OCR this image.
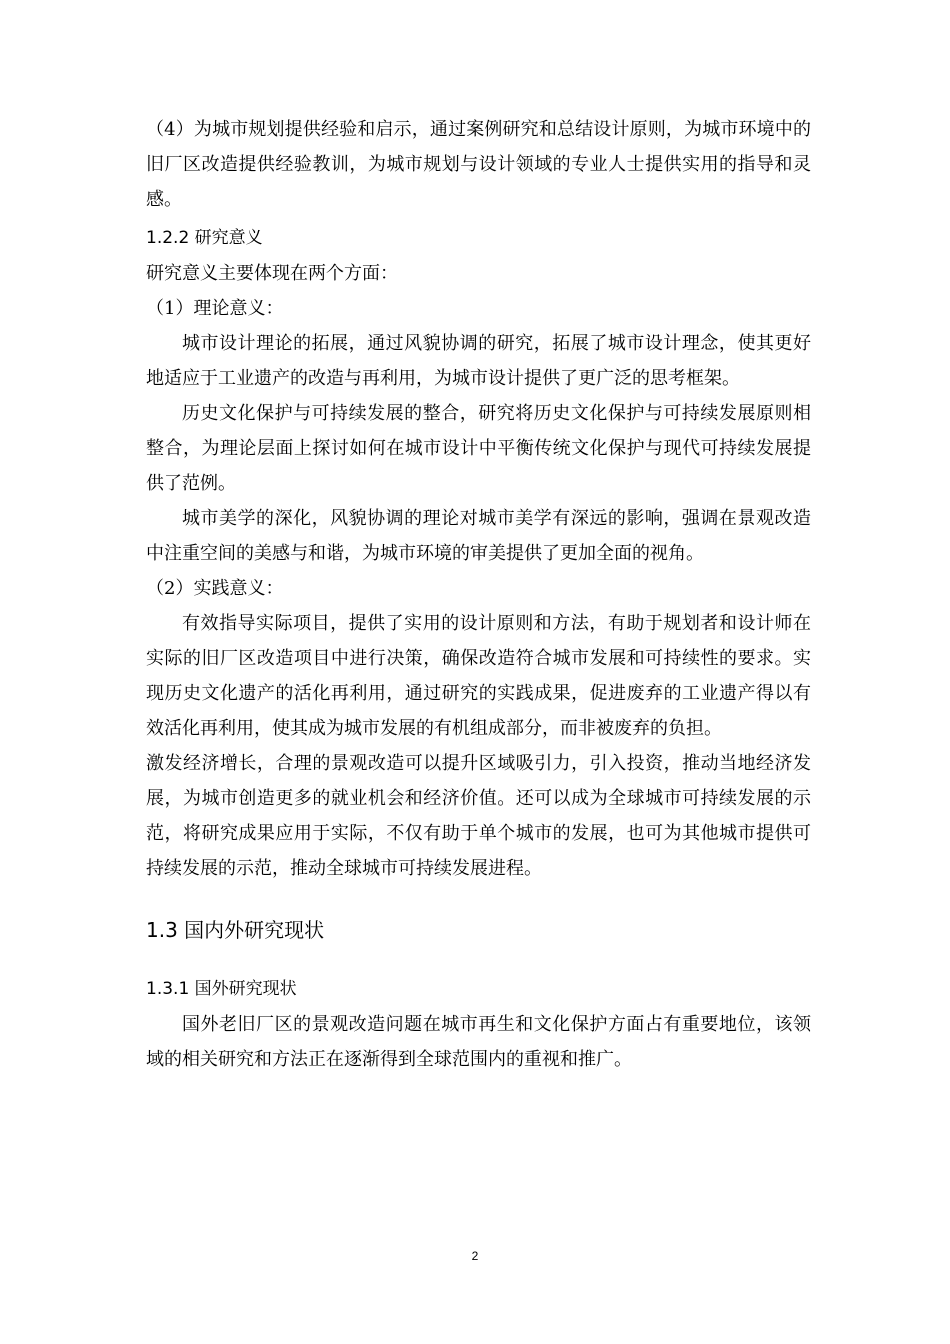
（4）为城市规划提供经验和启示，通过案例研究和总结设计原则，为城市环境中的旧厂区改造提供经验教训，为城市规划与设计领域的专业人士提供实用的指导和灵感。

1.2.2 研究意义

研究意义主要体现在两个方面：

（1）理论意义：

城市设计理论的拓展，通过风貌协调的研究，拓展了城市设计理念，使其更好地适应于工业遗产的改造与再利用，为城市设计提供了更广泛的思考框架。

历史文化保护与可持续发展的整合，研究将历史文化保护与可持续发展原则相整合，为理论层面上探讨如何在城市设计中平衡传统文化保护与现代可持续发展提供了范例。

城市美学的深化，风貌协调的理论对城市美学有深远的影响，强调在景观改造中注重空间的美感与和谐，为城市环境的审美提供了更加全面的视角。

（2）实践意义：

有效指导实际项目，提供了实用的设计原则和方法，有助于规划者和设计师在实际的旧厂区改造项目中进行决策，确保改造符合城市发展和可持续性的要求。实现历史文化遗产的活化再利用，通过研究的实践成果，促进废弃的工业遗产得以有效活化再利用，使其成为城市发展的有机组成部分，而非被废弃的负担。

激发经济增长，合理的景观改造可以提升区域吸引力，引入投资，推动当地经济发展，为城市创造更多的就业机会和经济价值。还可以成为全球城市可持续发展的示范，将研究成果应用于实际，不仅有助于单个城市的发展，也可为其他城市提供可持续发展的示范，推动全球城市可持续发展进程。

1.3 国内外研究现状

1.3.1 国外研究现状

国外老旧厂区的景观改造问题在城市再生和文化保护方面占有重要地位，该领域的相关研究和方法正在逐渐得到全球范围内的重视和推广。

2
